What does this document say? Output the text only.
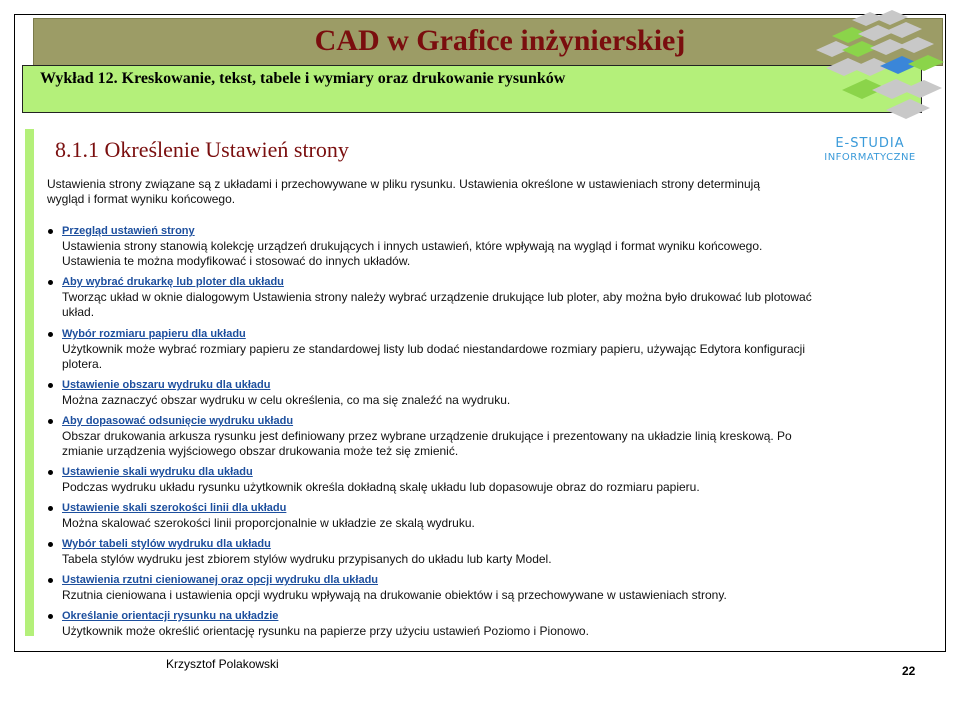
CAD w Grafice inżynierskiej
Wykład 12. Kreskowanie, tekst, tabele i wymiary oraz drukowanie rysunków
E-STUDIA
INFORMATYCZNE
8.1.1 Określenie Ustawień strony

Ustawienia strony związane są z układami i przechowywane w pliku rysunku. Ustawienia określone w ustawieniach strony determinują wygląd i format wyniku końcowego.

Przegląd ustawień strony
Ustawienia strony stanowią kolekcję urządzeń drukujących i innych ustawień, które wpływają na wygląd i format wyniku końcowego. Ustawienia te można modyfikować i stosować do innych układów.
Aby wybrać drukarkę lub ploter dla układu
Tworząc układ w oknie dialogowym Ustawienia strony należy wybrać urządzenie drukujące lub ploter, aby można było drukować lub plotować układ.
Wybór rozmiaru papieru dla układu
Użytkownik może wybrać rozmiary papieru ze standardowej listy lub dodać niestandardowe rozmiary papieru, używając Edytora konfiguracji plotera.
Ustawienie obszaru wydruku dla układu
Można zaznaczyć obszar wydruku w celu określenia, co ma się znaleźć na wydruku.
Aby dopasować odsunięcie wydruku układu
Obszar drukowania arkusza rysunku jest definiowany przez wybrane urządzenie drukujące i prezentowany na układzie linią kreskową. Po zmianie urządzenia wyjściowego obszar drukowania może też się zmienić.
Ustawienie skali wydruku dla układu
Podczas wydruku układu rysunku użytkownik określa dokładną skalę układu lub dopasowuje obraz do rozmiaru papieru.
Ustawienie skali szerokości linii dla układu
Można skalować szerokości linii proporcjonalnie w układzie ze skalą wydruku.
Wybór tabeli stylów wydruku dla układu
Tabela stylów wydruku jest zbiorem stylów wydruku przypisanych do układu lub karty Model.
Ustawienia rzutni cieniowanej oraz opcji wydruku dla układu
Rzutnia cieniowana i ustawienia opcji wydruku wpływają na drukowanie obiektów i są przechowywane w ustawieniach strony.
Określanie orientacji rysunku na układzie
Użytkownik może określić orientację rysunku na papierze przy użyciu ustawień Poziomo i Pionowo.
Krzysztof Polakowski	22
